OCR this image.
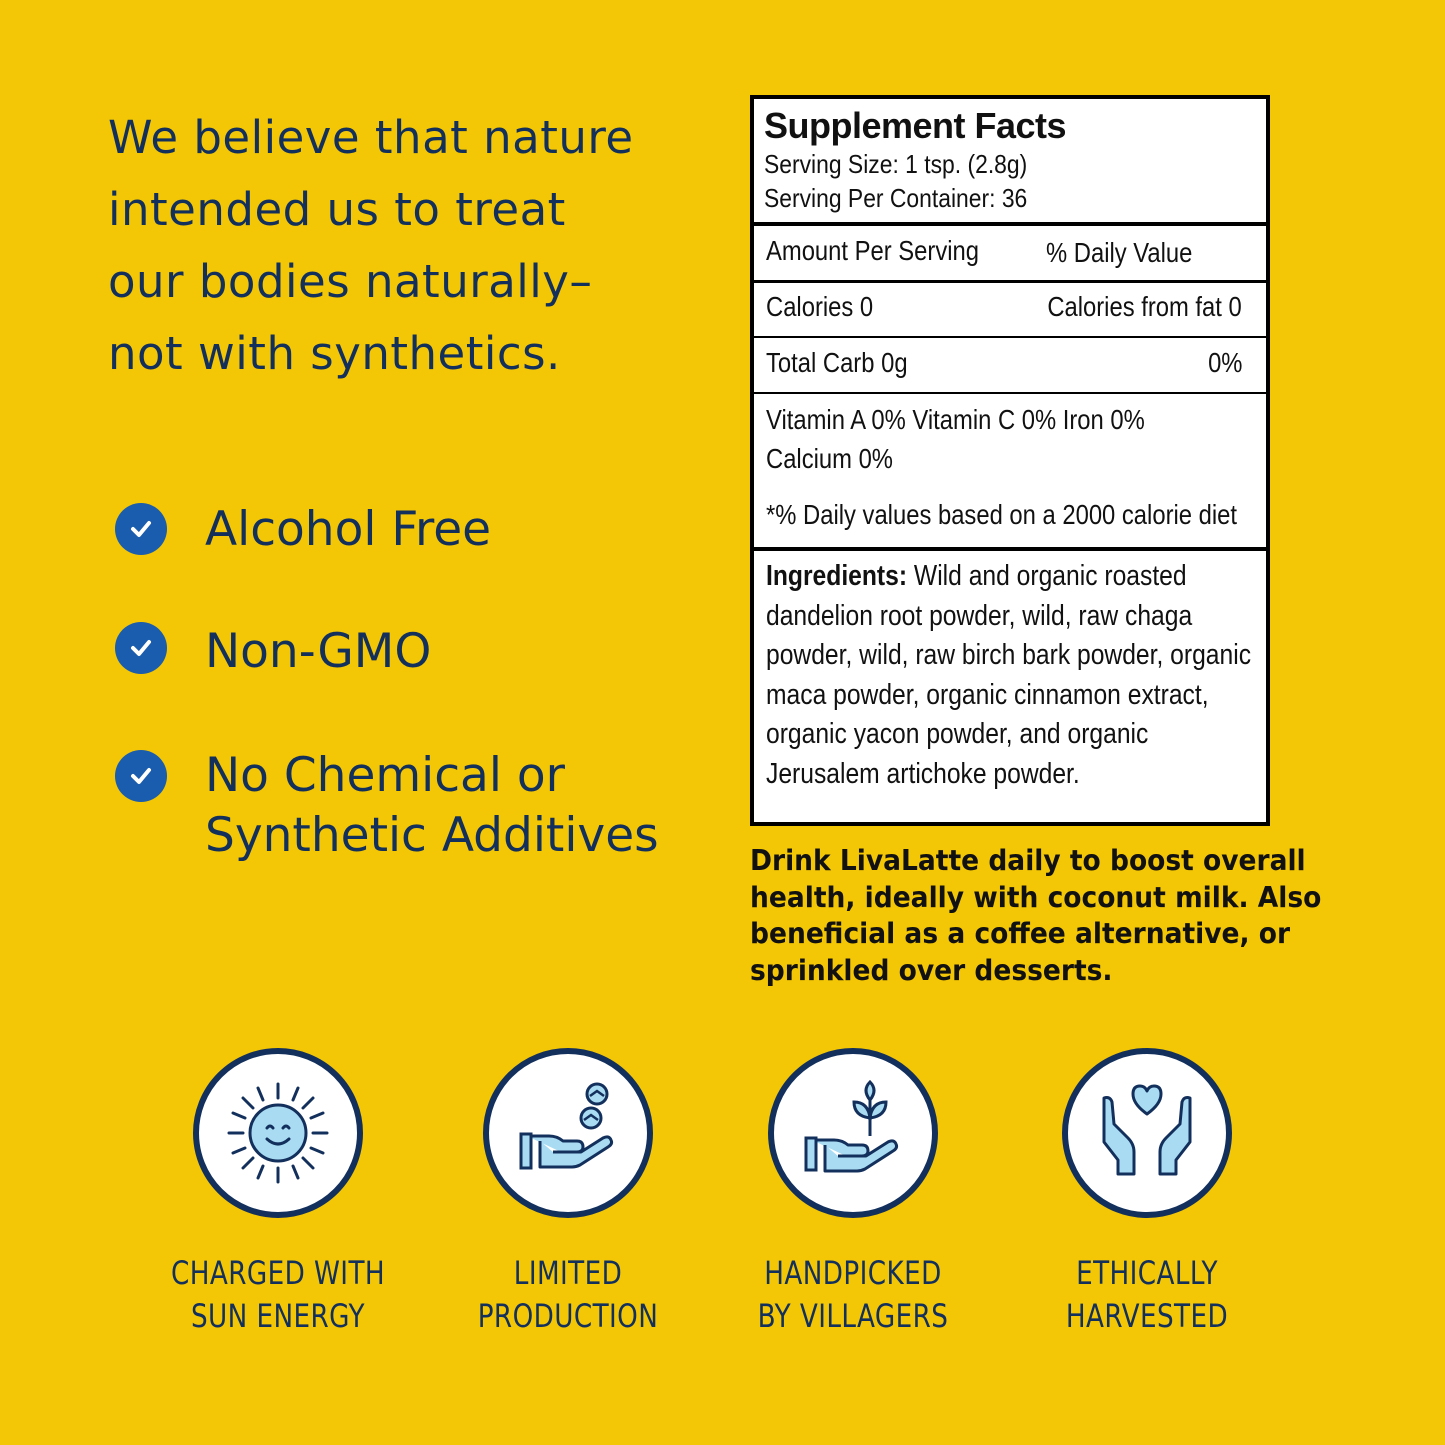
We believe that nature
intended us to treat
our bodies naturally–
not with synthetics.
Alcohol Free
Non-GMO
No Chemical or
Synthetic Additives
Supplement Facts
Serving Size: 1 tsp. (2.8g)
Serving Per Container: 36
Amount Per Serving % Daily Value
Calories 0	Calories from fat 0
Total Carb 0g	0%
Vitamin A 0% Vitamin C 0% Iron 0%
Calcium 0%
*% Daily values based on a 2000 calorie diet
Ingredients: Wild and organic roasted
dandelion root powder, wild, raw chaga
powder, wild, raw birch bark powder, organic
maca powder, organic cinnamon extract,
organic yacon powder, and organic
Jerusalem artichoke powder.
Drink LivaLatte daily to boost overall
health, ideally with coconut milk. Also
beneficial as a coffee alternative, or
sprinkled over desserts.
CHARGED WITH
SUN ENERGY
LIMITED
PRODUCTION
HANDPICKED
BY VILLAGERS
ETHICALLY
HARVESTED
